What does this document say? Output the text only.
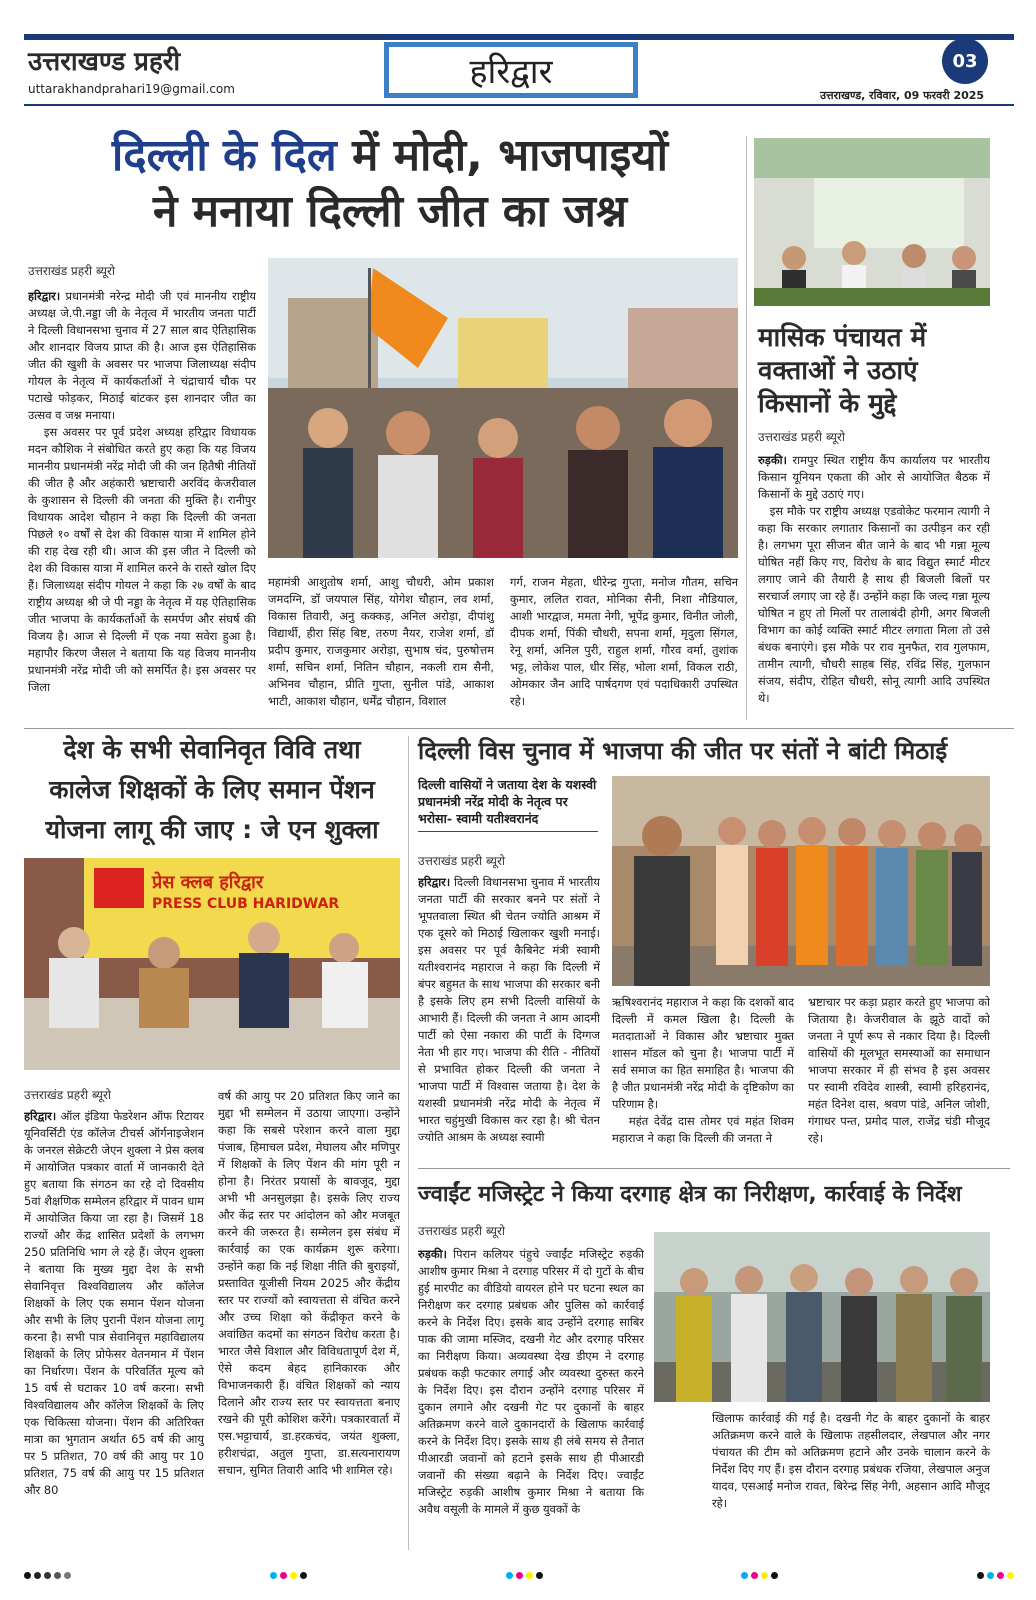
उत्तराखण्ड प्रहरी
uttarakhandprahari19@gmail.com	हरिद्वार	03
उत्तराखण्ड, रविवार, 09 फरवरी 2025
दिल्ली के दिल में मोदी, भाजपाइयों
ने मनाया दिल्ली जीत का जश्न
उत्तराखंड प्रहरी ब्यूरो
हरिद्वार। प्रधानमंत्री नरेन्द्र मोदी जी एवं माननीय राष्ट्रीय अध्यक्ष जे.पी.नड्डा जी के नेतृत्व में भारतीय जनता पार्टी ने दिल्ली विधानसभा चुनाव में 27 साल बाद ऐतिहासिक और शानदार विजय प्राप्त की है। आज इस ऐतिहासिक जीत की खुशी के अवसर पर भाजपा जिलाध्यक्ष संदीप गोयल के नेतृत्व में कार्यकर्ताओं ने चंद्राचार्य चौक पर पटाखे फोड़कर, मिठाई बांटकर इस शानदार जीत का उत्सव व जश्न मनाया।
इस अवसर पर पूर्व प्रदेश अध्यक्ष हरिद्वार विधायक मदन कौशिक ने संबोधित करते हुए कहा कि यह विजय माननीय प्रधानमंत्री नरेंद्र मोदी जी की जन हितैषी नीतियों की जीत है और अहंकारी भ्रष्टाचारी अरविंद केजरीवाल के कुशासन से दिल्ली की जनता की मुक्ति है। रानीपुर विधायक आदेश चौहान ने कहा कि दिल्ली की जनता पिछले १० वर्षों से देश की विकास यात्रा में शामिल होने की राह देख रही थी। आज की इस जीत ने दिल्ली को देश की विकास यात्रा में शामिल करने के रास्ते खोल दिए हैं। जिलाध्यक्ष संदीप गोयल ने कहा कि २७ वर्षों के बाद राष्ट्रीय अध्यक्ष श्री जे पी नड्डा के नेतृत्व में यह ऐतिहासिक जीत भाजपा के कार्यकर्ताओं के समर्पण और संघर्ष की विजय है। आज से दिल्ली में एक नया सवेरा हुआ है। महापौर किरण जैसल ने बताया कि यह विजय माननीय प्रधानमंत्री नरेंद्र मोदी जी को समर्पित है। इस अवसर पर जिला
महामंत्री आशुतोष शर्मा, आशु चौधरी, ओम प्रकाश जमदग्नि, डॉ जयपाल सिंह, योगेश चौहान, लव शर्मा, विकास तिवारी, अनु कक्कड़, अनिल अरोड़ा, दीपांशु विद्यार्थी, हीरा सिंह बिष्ट, तरुण नैयर, राजेश शर्मा, डॉ प्रदीप कुमार, राजकुमार अरोड़ा, सुभाष चंद, पुरुषोत्तम शर्मा, सचिन शर्मा, नितिन चौहान, नकली राम सैनी, अभिनव चौहान, प्रीति गुप्ता, सुनील पांडे, आकाश भाटी, आकाश चौहान, धर्मेंद्र चौहान, विशाल
गर्ग, राजन मेहता, धीरेन्द्र गुप्ता, मनोज गौतम, सचिन कुमार, ललित रावत, मोनिका सैनी, निशा नौडियाल, आशी भारद्वाज, ममता नेगी, भूपेंद्र कुमार, विनीत जोली, दीपक शर्मा, पिंकी चौधरी, सपना शर्मा, मृदुला सिंगल, रेनू शर्मा, अनिल पुरी, राहुल शर्मा, गौरव वर्मा, तुशांक भट्ट, लोकेश पाल, धीर सिंह, भोला शर्मा, विकल राठी, ओमकार जैन आदि पार्षदगण एवं पदाधिकारी उपस्थित रहे।
मासिक पंचायत में वक्ताओं ने उठाएं किसानों के मुद्दे
उत्तराखंड प्रहरी ब्यूरो
रुड़की। रामपुर स्थित राष्ट्रीय कैंप कार्यालय पर भारतीय किसान यूनियन एकता की ओर से आयोजित बैठक में किसानों के मुद्दे उठाएं गए।
इस मौके पर राष्ट्रीय अध्यक्ष एडवोकेट फरमान त्यागी ने कहा कि सरकार लगातार किसानों का उत्पीड़न कर रही है। लगभग पूरा सीजन बीत जाने के बाद भी गन्ना मूल्य घोषित नहीं किए गए, विरोध के बाद विद्युत स्मार्ट मीटर लगाए जाने की तैयारी है साथ ही बिजली बिलों पर सरचार्ज लगाए जा रहे हैं। उन्होंने कहा कि जल्द गन्ना मूल्य घोषित न हुए तो मिलों पर तालाबंदी होगी, अगर बिजली विभाग का कोई व्यक्ति स्मार्ट मीटर लगाता मिला तो उसे बंधक बनाएंगे। इस मौके पर राव मुनफैत, राव गुलफाम, तामीन त्यागी, चौधरी साहब सिंह, रविंद्र सिंह, गुलफान संजय, संदीप, रोहित चौधरी, सोनू त्यागी आदि उपस्थित थे।
देश के सभी सेवानिवृत विवि तथा
कालेज शिक्षकों के लिए समान पेंशन
योजना लागू की जाए : जे एन शुक्ला
प्रेस क्लब हरिद्वार
PRESS CLUB HARIDWAR
उत्तराखंड प्रहरी ब्यूरो
हरिद्वार। ऑल इंडिया फेडरेशन ऑफ रिटायर यूनिवर्सिटी एंड कॉलेज टीचर्स ऑर्गनाइजेशन के जनरल सेक्रेटरी जेएन शुक्ला ने प्रेस क्लब में आयोजित पत्रकार वार्ता में जानकारी देते हुए बताया कि संगठन का रहे दो दिवसीय 5वां शैक्षणिक सम्मेलन हरिद्वार में पावन धाम में आयोजित किया जा रहा है। जिसमें 18 राज्यों और केंद्र शासित प्रदेशों के लगभग 250 प्रतिनिधि भाग ले रहे हैं। जेएन शुक्ला ने बताया कि मुख्य मुद्दा देश के सभी सेवानिवृत्त विश्वविद्यालय और कॉलेज शिक्षकों के लिए एक समान पेंशन योजना और सभी के लिए पुरानी पेंशन योजना लागू करना है। सभी पात्र सेवानिवृत्त महाविद्यालय शिक्षकों के लिए प्रोफेसर वेतनमान में पेंशन का निर्धारण। पेंशन के परिवर्तित मूल्य को 15 वर्ष से घटाकर 10 वर्ष करना। सभी विश्वविद्यालय और कॉलेज शिक्षकों के लिए एक चिकित्सा योजना। पेंशन की अतिरिक्त मात्रा का भुगतान अर्थात 65 वर्ष की आयु पर 5 प्रतिशत, 70 वर्ष की आयु पर 10 प्रतिशत, 75 वर्ष की आयु पर 15 प्रतिशत और 80
वर्ष की आयु पर 20 प्रतिशत किए जाने का मुद्दा भी सम्मेलन में उठाया जाएगा। उन्होंने कहा कि सबसे परेशान करने वाला मुद्दा पंजाब, हिमाचल प्रदेश, मेघालय और मणिपुर में शिक्षकों के लिए पेंशन की मांग पूरी न होना है। निरंतर प्रयासों के बावजूद, मुद्दा अभी भी अनसुलझा है। इसके लिए राज्य और केंद्र स्तर पर आंदोलन को और मजबूत करने की जरूरत है। सम्मेलन इस संबंध में कार्रवाई का एक कार्यक्रम शुरू करेगा। उन्होंने कहा कि नई शिक्षा नीति की बुराइयों, प्रस्तावित यूजीसी नियम 2025 और केंद्रीय स्तर पर राज्यों को स्वायत्तता से वंचित करने और उच्च शिक्षा को केंद्रीकृत करने के अवांछित कदमों का संगठन विरोध करता है। भारत जैसे विशाल और विविधतापूर्ण देश में, ऐसे कदम बेहद हानिकारक और विभाजनकारी हैं। वंचित शिक्षकों को न्याय दिलाने और राज्य स्तर पर स्वायत्तता बनाए रखने की पूरी कोशिश करेंगे। पत्रकारवार्ता में एस.भट्टाचार्य, डा.हरकचंद, जयंत शुक्ला, हरीशचंद्रा, अतुल गुप्ता, डा.सत्यनारायण सचान, सुमित तिवारी आदि भी शामिल रहे।
दिल्ली विस चुनाव में भाजपा की जीत पर संतों ने बांटी मिठाई
दिल्ली वासियों ने जताया देश के यशस्वी प्रधानमंत्री नरेंद्र मोदी के नेतृत्व पर भरोसा- स्वामी यतीश्वरानंद
उत्तराखंड प्रहरी ब्यूरो
हरिद्वार। दिल्ली विधानसभा चुनाव में भारतीय जनता पार्टी की सरकार बनने पर संतों ने भूपतवाला स्थित श्री चेतन ज्योति आश्रम में एक दूसरे को मिठाई खिलाकर खुशी मनाई। इस अवसर पर पूर्व कैबिनेट मंत्री स्वामी यतीश्वरानंद महाराज ने कहा कि दिल्ली में बंपर बहुमत के साथ भाजपा की सरकार बनी है इसके लिए हम सभी दिल्ली वासियों के आभारी हैं। दिल्ली की जनता ने आम आदमी पार्टी को ऐसा नकारा की पार्टी के दिग्गज नेता भी हार गए। भाजपा की रीति - नीतियों से प्रभावित होकर दिल्ली की जनता ने भाजपा पार्टी में विश्वास जताया है। देश के यशस्वी प्रधानमंत्री नरेंद्र मोदी के नेतृत्व में भारत चहुंमुखी विकास कर रहा है। श्री चेतन ज्योति आश्रम के अध्यक्ष स्वामी
ऋषिश्वरानंद महाराज ने कहा कि दशकों बाद दिल्ली में कमल खिला है। दिल्ली के मतदाताओं ने विकास और भ्रष्टाचार मुक्त शासन मॉडल को चुना है। भाजपा पार्टी में सर्व समाज का हित समाहित है। भाजपा की है जीत प्रधानमंत्री नरेंद्र मोदी के दृष्टिकोण का परिणाम है।
महंत देवेंद्र दास तोमर एवं महंत शिवम महाराज ने कहा कि दिल्ली की जनता ने
भ्रष्टाचार पर कड़ा प्रहार करते हुए भाजपा को जिताया है। केजरीवाल के झूठे वादों को जनता ने पूर्ण रूप से नकार दिया है। दिल्ली वासियों की मूलभूत समस्याओं का समाधान भाजपा सरकार में ही संभव है इस अवसर पर स्वामी रविदेव शास्त्री, स्वामी हरिहरानंद, महंत दिनेश दास, श्रवण पांडे, अनिल जोशी, गंगाधर पन्त, प्रमोद पाल, राजेंद्र चंडी मौजूद रहे।
ज्वाईंट मजिस्ट्रेट ने किया दरगाह क्षेत्र का निरीक्षण, कार्रवाई के निर्देश
उत्तराखंड प्रहरी ब्यूरो
रुड़की। पिरान कलियर पंहुचे ज्वाईंट मजिस्ट्रेट रुड़की आशीष कुमार मिश्रा ने दरगाह परिसर में दो गुटों के बीच हुई मारपीट का वीडियो वायरल होने पर घटना स्थल का निरीक्षण कर दरगाह प्रबंधक और पुलिस को कार्रवाई करने के निर्देश दिए। इसके बाद उन्होंने दरगाह साबिर पाक की जामा मस्जिद, दखनी गेट और दरगाह परिसर का निरीक्षण किया। अव्यवस्था देख डीएम ने दरगाह प्रबंधक कड़ी फटकार लगाई और व्यवस्था दुरुस्त करने के निर्देश दिए। इस दौरान उन्होंने दरगाह परिसर में दुकान लगाने और दखनी गेट पर दुकानों के बाहर अतिक्रमण करने वाले दुकानदारों के खिलाफ कार्रवाई करने के निर्देश दिए। इसके साथ ही लंबे समय से तैनात पीआरडी जवानों को हटाने इसके साथ ही पीआरडी जवानों की संख्या बढ़ाने के निर्देश दिए। ज्वाईंट मजिस्ट्रेट रुड़की आशीष कुमार मिश्रा ने बताया कि अवैध वसूली के मामले में कुछ युवकों के
खिलाफ कार्रवाई की गई है। दखनी गेट के बाहर दुकानों के बाहर अतिक्रमण करने वाले के खिलाफ तहसीलदार, लेखपाल और नगर पंचायत की टीम को अतिक्रमण हटाने और उनके चालान करने के निर्देश दिए गए हैं। इस दौरान दरगाह प्रबंधक रजिया, लेखपाल अनुज यादव, एसआई मनोज रावत, बिरेन्द्र सिंह नेगी, अहसान आदि मौजूद रहे।
